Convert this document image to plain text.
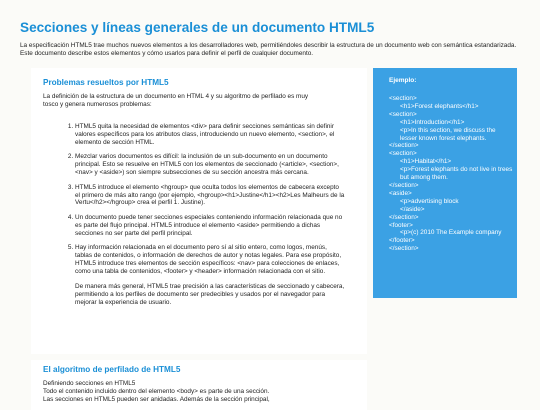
Secciones y líneas generales de un documento HTML5

La especificación HTML5 trae muchos nuevos elementos a los desarrolladores web, permitiéndoles describir la estructura de un documento web con semántica estandarizada. Este documento describe estos elementos y cómo usarlos para definir el perfil de cualquier documento.

Problemas resueltos por HTML5

La definición de la estructura de un documento en HTML 4 y su algoritmo de perfilado es muy tosco y genera numerosos problemas:

1. HTML5 quita la necesidad de elementos <div> para definir secciones semánticas sin definir valores específicos para los atributos class, introduciendo un nuevo elemento, <section>, el elemento de sección HTML.

2. Mezclar varios documentos es difícil: la inclusión de un sub-documento en un documento principal. Esto se resuelve en HTML5 con los elementos de seccionado (<article>, <section>, <nav> y <aside>) son siempre subsecciones de su sección ancestra más cercana.

3. HTML5 introduce el elemento <hgroup> que oculta todos los elementos de cabecera excepto el primero de más alto rango (por ejemplo, <hgroup><h1>Justine</h1><h2>Les Malheurs de la Vertu</h2></hgroup> crea el perfil 1. Justine).

4. Un documento puede tener secciones especiales conteniendo información relacionada que no es parte del flujo principal. HTML5 introduce el elemento <aside> permitiendo a dichas secciones no ser parte del perfil principal.

5. Hay información relacionada en el documento pero sí al sitio entero, como logos, menús, tablas de contenidos, o información de derechos de autor y notas legales. Para ese propósito, HTML5 introduce tres elementos de sección específicos: <nav> para colecciones de enlaces, como una tabla de contenidos, <footer> y <header> información relacionada con el sitio.

De manera más general, HTML5 trae precisión a las características de seccionado y cabecera, permitiendo a los perfiles de documento ser predecibles y usados por el navegador para mejorar la experiencia de usuario.

El algoritmo de perfilado de HTML5
Definiendo secciones en HTML5
Todo el contenido incluido dentro del elemento <body> es parte de una sección.
Las secciones en HTML5 pueden ser anidadas. Además de la sección principal,
Ejemplo:
<section>
<h1>Forest elephants</h1>
<section>
<h1>Introduction</h1>
<p>In this section, we discuss the lesser known forest elephants.
</section>
<section>
<h1>Habitat</h1>
<p>Forest elephants do not live in trees but among them.
</section>
<aside>
<p>advertising block
</aside>
</section>
<footer>
<p>(c) 2010 The Example company
</footer>
</section>
